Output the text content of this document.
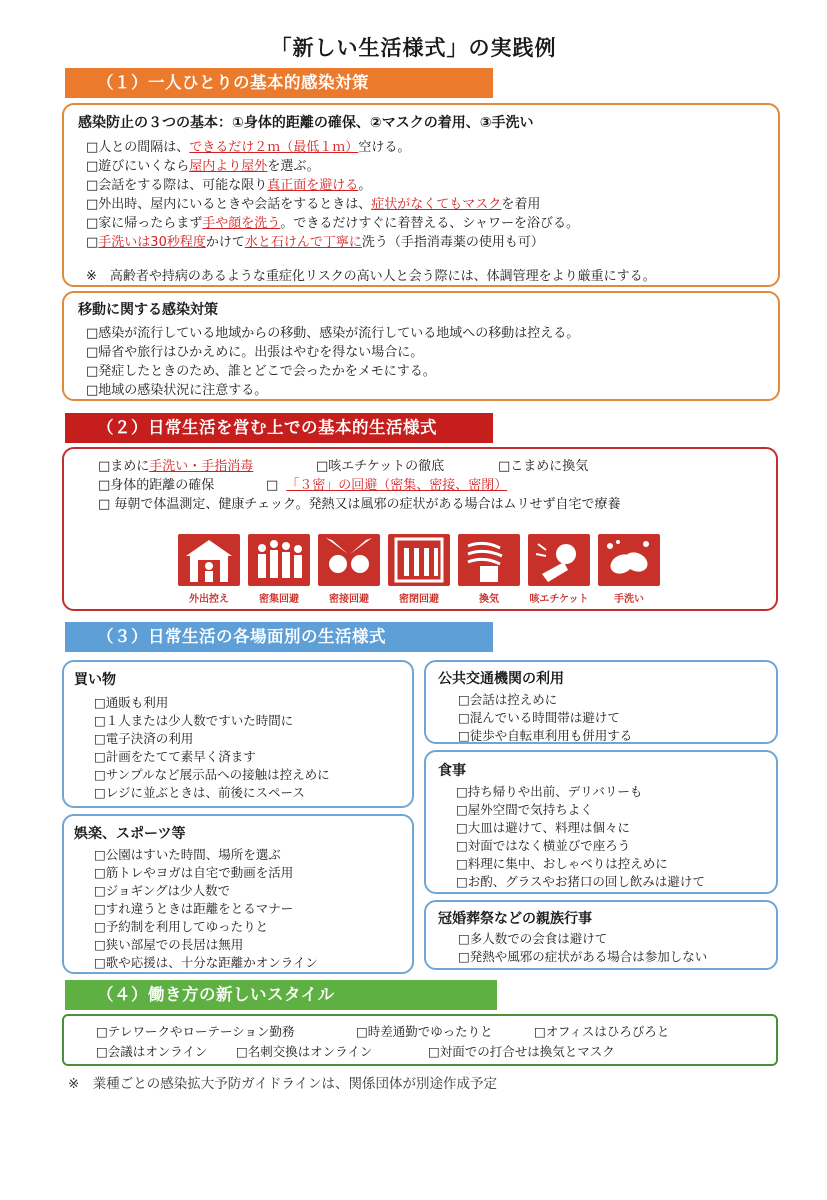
「新しい生活様式」の実践例
（１）一人ひとりの基本的感染対策
感染防止の３つの基本：①身体的距離の確保、②マスクの着用、③手洗い
□人との間隔は、できるだけ２ｍ（最低１ｍ）空ける。
□遊びにいくなら屋内より屋外を選ぶ。
□会話をする際は、可能な限り真正面を避ける。
□外出時、屋内にいるときや会話をするときは、症状がなくてもマスクを着用
□家に帰ったらまず手や顔を洗う。できるだけすぐに着替える、シャワーを浴びる。
□手洗いは30秒程度かけて水と石けんで丁寧に洗う（手指消毒薬の使用も可）
※　高齢者や持病のあるような重症化リスクの高い人と会う際には、体調管理をより厳重にする。
移動に関する感染対策
□感染が流行している地域からの移動、感染が流行している地域への移動は控える。
□帰省や旅行はひかえめに。出張はやむを得ない場合に。
□発症したときのため、誰とどこで会ったかをメモにする。
□地域の感染状況に注意する。
（２）日常生活を営む上での基本的生活様式
□まめに手洗い・手指消毒	□咳エチケットの徹底	□こまめに換気
□身体的距離の確保	□ 「３密」の回避（密集、密接、密閉）
□ 毎朝で体温測定、健康チェック。発熱又は風邪の症状がある場合はムリせず自宅で療養
外出控え	密集回避	密接回避	密閉回避	換気	咳エチケット	手洗い
（３）日常生活の各場面別の生活様式
買い物
□通販も利用
□１人または少人数ですいた時間に
□電子決済の利用
□計画をたてて素早く済ます
□サンプルなど展示品への接触は控えめに
□レジに並ぶときは、前後にスペース
娯楽、スポーツ等
□公園はすいた時間、場所を選ぶ
□筋トレやヨガは自宅で動画を活用
□ジョギングは少人数で
□すれ違うときは距離をとるマナー
□予約制を利用してゆったりと
□狭い部屋での長居は無用
□歌や応援は、十分な距離かオンライン
公共交通機関の利用
□会話は控えめに
□混んでいる時間帯は避けて
□徒歩や自転車利用も併用する
食事
□持ち帰りや出前、デリバリーも
□屋外空間で気持ちよく
□大皿は避けて、料理は個々に
□対面ではなく横並びで座ろう
□料理に集中、おしゃべりは控えめに
□お酌、グラスやお猪口の回し飲みは避けて
冠婚葬祭などの親族行事
□多人数での会食は避けて
□発熱や風邪の症状がある場合は参加しない
（４）働き方の新しいスタイル
□テレワークやローテーション勤務	□時差通勤でゆったりと	□オフィスはひろびろと
□会議はオンライン □名刺交換はオンライン	□対面での打合せは換気とマスク
※　業種ごとの感染拡大予防ガイドラインは、関係団体が別途作成予定
